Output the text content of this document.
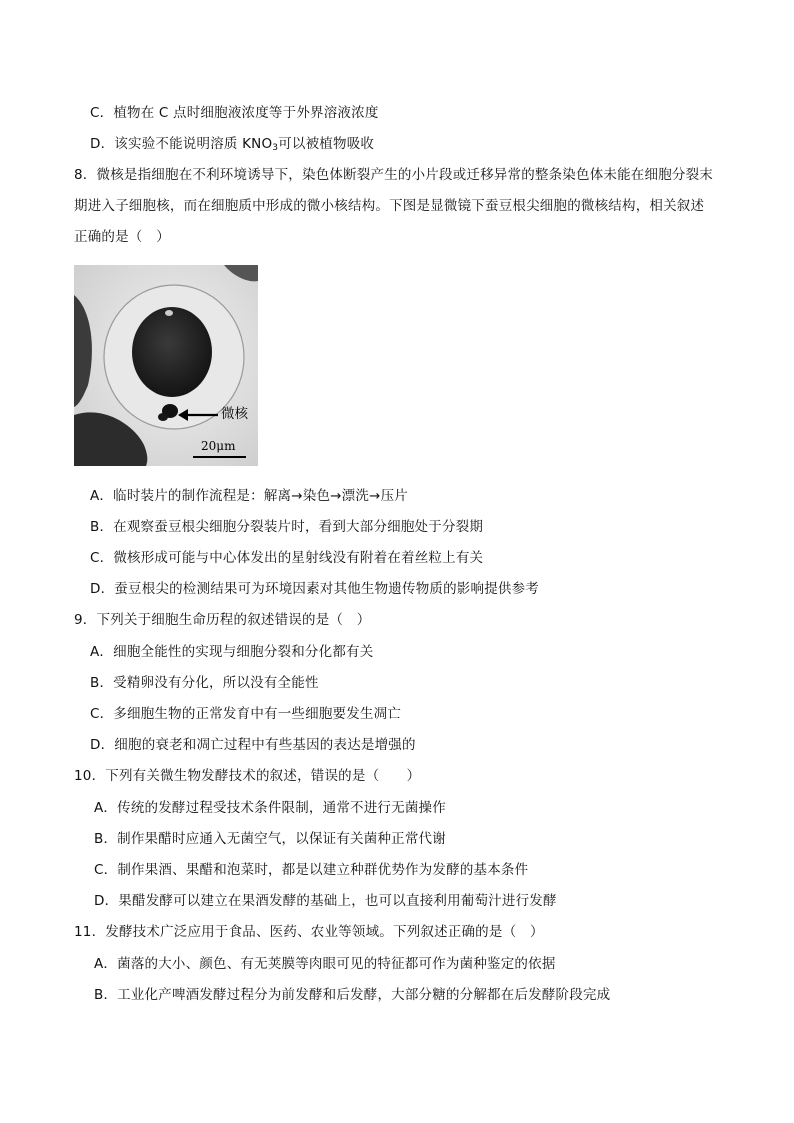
C．植物在 C 点时细胞液浓度等于外界溶液浓度
D．该实验不能说明溶质 $KNO_3$可以被植物吸收
8．微核是指细胞在不利环境诱导下，染色体断裂产生的小片段或迁移异常的整条染色体未能在细胞分裂末
期进入子细胞核，而在细胞质中形成的微小核结构。下图是显微镜下蚕豆根尖细胞的微核结构，相关叙述
正确的是（　）
微核
20μm
A．临时装片的制作流程是：解离→染色→漂洗→压片
B．在观察蚕豆根尖细胞分裂装片时，看到大部分细胞处于分裂期
C．微核形成可能与中心体发出的星射线没有附着在着丝粒上有关
D．蚕豆根尖的检测结果可为环境因素对其他生物遗传物质的影响提供参考
9．下列关于细胞生命历程的叙述错误的是（　）
A．细胞全能性的实现与细胞分裂和分化都有关
B．受精卵没有分化，所以没有全能性
C．多细胞生物的正常发育中有一些细胞要发生凋亡
D．细胞的衰老和凋亡过程中有些基因的表达是增强的
10．下列有关微生物发酵技术的叙述，错误的是（　　）
A．传统的发酵过程受技术条件限制，通常不进行无菌操作
B．制作果醋时应通入无菌空气，以保证有关菌种正常代谢
C．制作果酒、果醋和泡菜时，都是以建立种群优势作为发酵的基本条件
D．果醋发酵可以建立在果酒发酵的基础上，也可以直接利用葡萄汁进行发酵
11．发酵技术广泛应用于食品、医药、农业等领域。下列叙述正确的是（　）
A．菌落的大小、颜色、有无荚膜等肉眼可见的特征都可作为菌种鉴定的依据
B．工业化产啤酒发酵过程分为前发酵和后发酵，大部分糖的分解都在后发酵阶段完成
